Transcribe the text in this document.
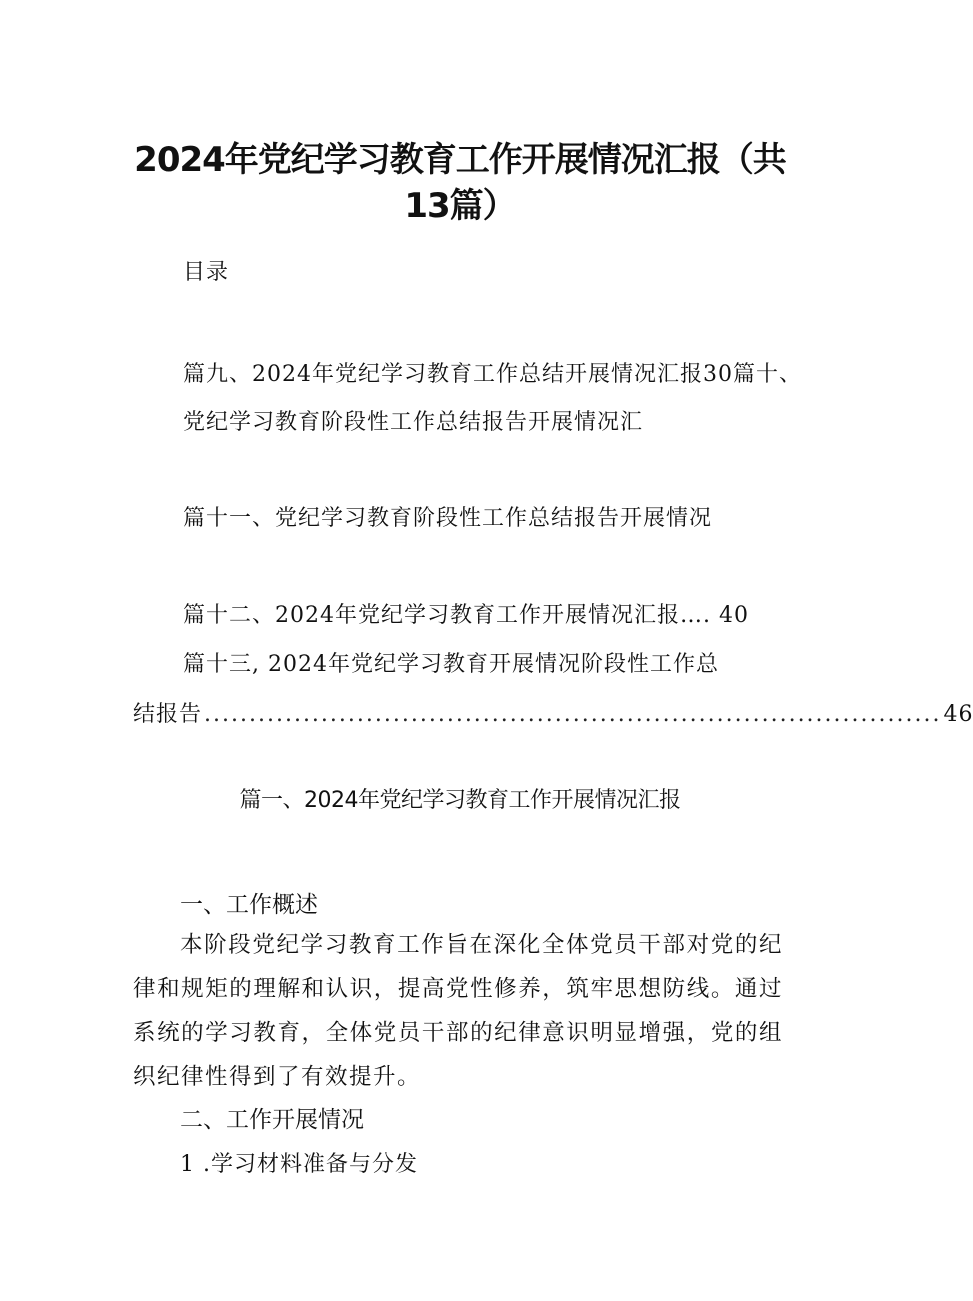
2024年党纪学习教育工作开展情况汇报（共
13篇）
目录
篇九、2024年党纪学习教育工作总结开展情况汇报30篇十、
党纪学习教育阶段性工作总结报告开展情况汇
篇十一、党纪学习教育阶段性工作总结报告开展情况
篇十二、2024年党纪学习教育工作开展情况汇报…. 40
篇十三, 2024年党纪学习教育开展情况阶段性工作总
结报告 .................................................................................. 46
篇一、2024年党纪学习教育工作开展情况汇报
一、工作概述
本阶段党纪学习教育工作旨在深化全体党员干部对党的纪律和规矩的理解和认识，提高党性修养，筑牢思想防线。通过系统的学习教育，全体党员干部的纪律意识明显增强，党的组织纪律性得到了有效提升。
二、工作开展情况
1 .学习材料准备与分发
